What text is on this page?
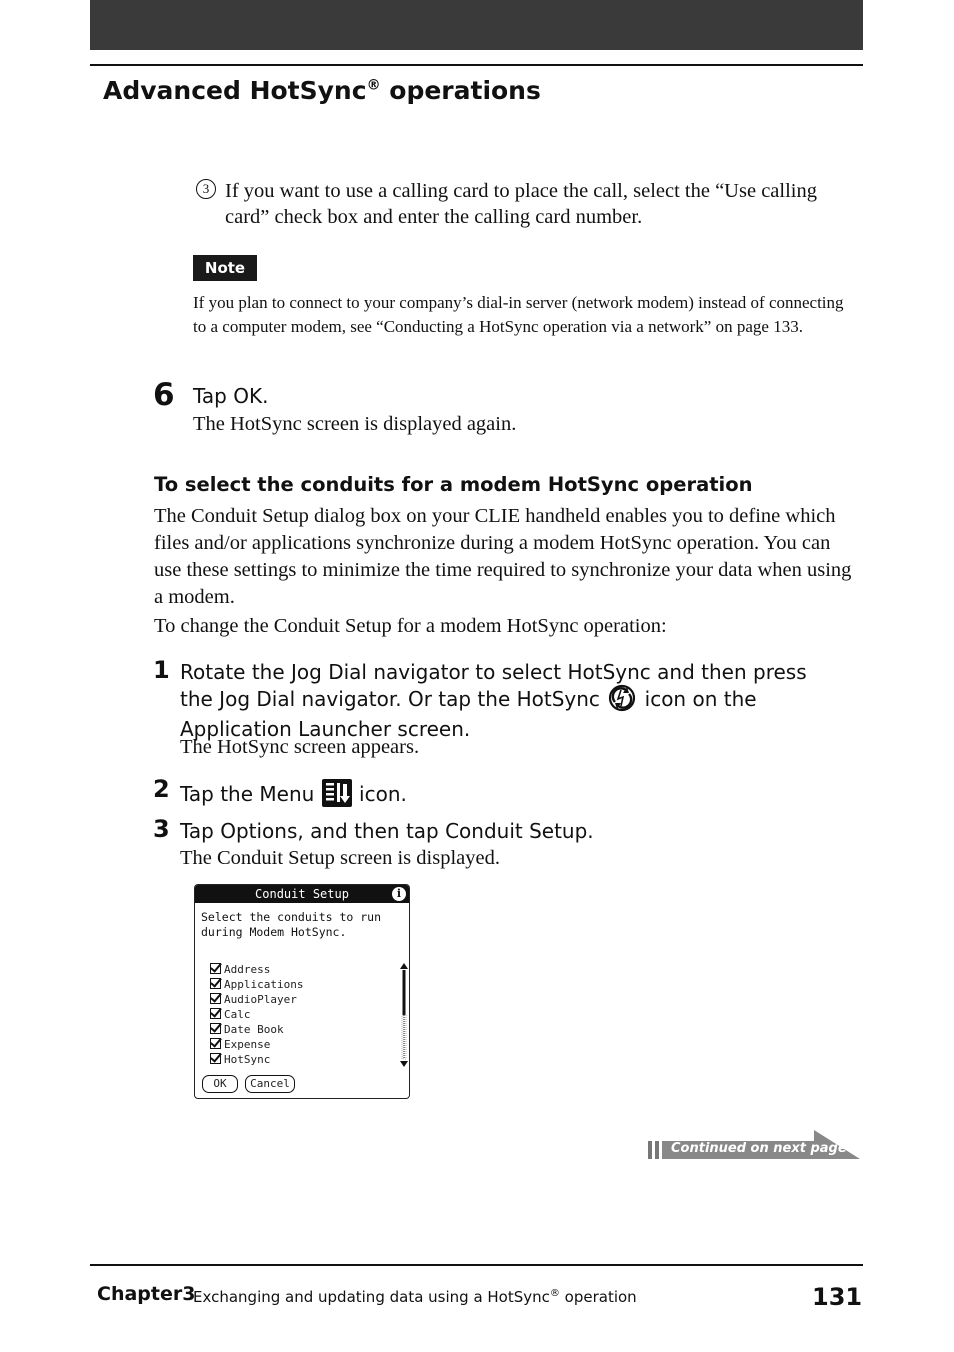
Advanced HotSync® operations
3 If you want to use a calling card to place the call, select the “Use calling card” check box and enter the calling card number.
Note
If you plan to connect to your company’s dial-in server (network modem) instead of connecting to a computer modem, see “Conducting a HotSync operation via a network” on page 133.
6 Tap OK.
The HotSync screen is displayed again.
To select the conduits for a modem HotSync operation
The Conduit Setup dialog box on your CLIE handheld enables you to define which files and/or applications synchronize during a modem HotSync operation. You can use these settings to minimize the time required to synchronize your data when using a modem.
To change the Conduit Setup for a modem HotSync operation:
1 Rotate the Jog Dial navigator to select HotSync and then press the Jog Dial navigator. Or tap the HotSync icon on the Application Launcher screen.
The HotSync screen appears.
2 Tap the Menu icon.
3 Tap Options, and then tap Conduit Setup.
The Conduit Setup screen is displayed.
Conduit Setup	i
Select the conduits to run during Modem HotSync.
Address
Applications
AudioPlayer
Calc
Date Book
Expense
HotSync
OK	Cancel
Continued on next page
Chapter3
Exchanging and updating data using a HotSync® operation	131
